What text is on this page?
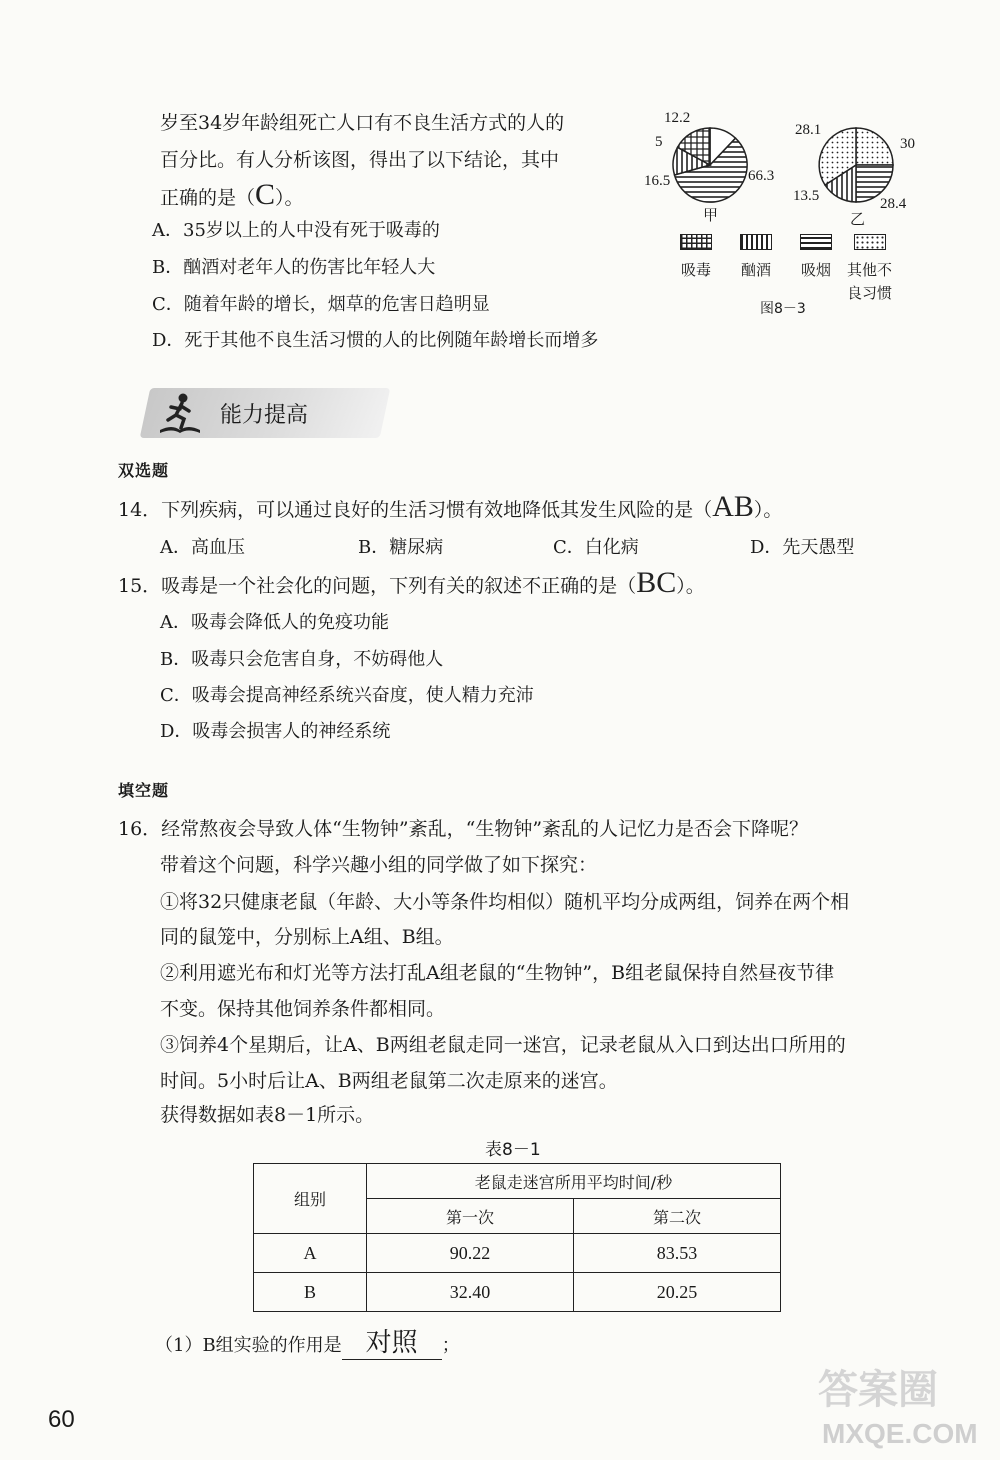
岁至34岁年龄组死亡人口有不良生活方式的人的
百分比。有人分析该图，得出了以下结论，其中
正确的是（C）。
A．35岁以上的人中没有死于吸毒的
B．酗酒对老年人的伤害比年轻人大
C．随着年龄的增长，烟草的危害日趋明显
D．死于其他不良生活习惯的人的比例随年龄增长而增多
12.2
5
16.5	66.3
甲
28.1
30
13.5	28.4
乙
吸毒 酗酒 吸烟 其他不
良习惯
图8－3
能力提高
双选题
14．下列疾病，可以通过良好的生活习惯有效地降低其发生风险的是（AB）。
A．高血压	B．糖尿病	C．白化病	D．先天愚型
15．吸毒是一个社会化的问题，下列有关的叙述不正确的是（BC）。
A．吸毒会降低人的免疫功能
B．吸毒只会危害自身，不妨碍他人
C．吸毒会提高神经系统兴奋度，使人精力充沛
D．吸毒会损害人的神经系统
填空题
16．经常熬夜会导致人体“生物钟”紊乱，“生物钟”紊乱的人记忆力是否会下降呢？
带着这个问题，科学兴趣小组的同学做了如下探究：
①将32只健康老鼠（年龄、大小等条件均相似）随机平均分成两组，饲养在两个相
同的鼠笼中，分别标上A组、B组。
②利用遮光布和灯光等方法打乱A组老鼠的“生物钟”，B组老鼠保持自然昼夜节律
不变。保持其他饲养条件都相同。
③饲养4个星期后，让A、B两组老鼠走同一迷宫，记录老鼠从入口到达出口所用的
时间。5小时后让A、B两组老鼠第二次走原来的迷宫。
获得数据如表8－1所示。
表8－1
组别	老鼠走迷宫所用平均时间/秒	
	第一次	第二次
A	90.22	83.53
B	32.40	20.25
（1）B组实验的作用是 对照 ；
60
答案圈
MXQE.COM
